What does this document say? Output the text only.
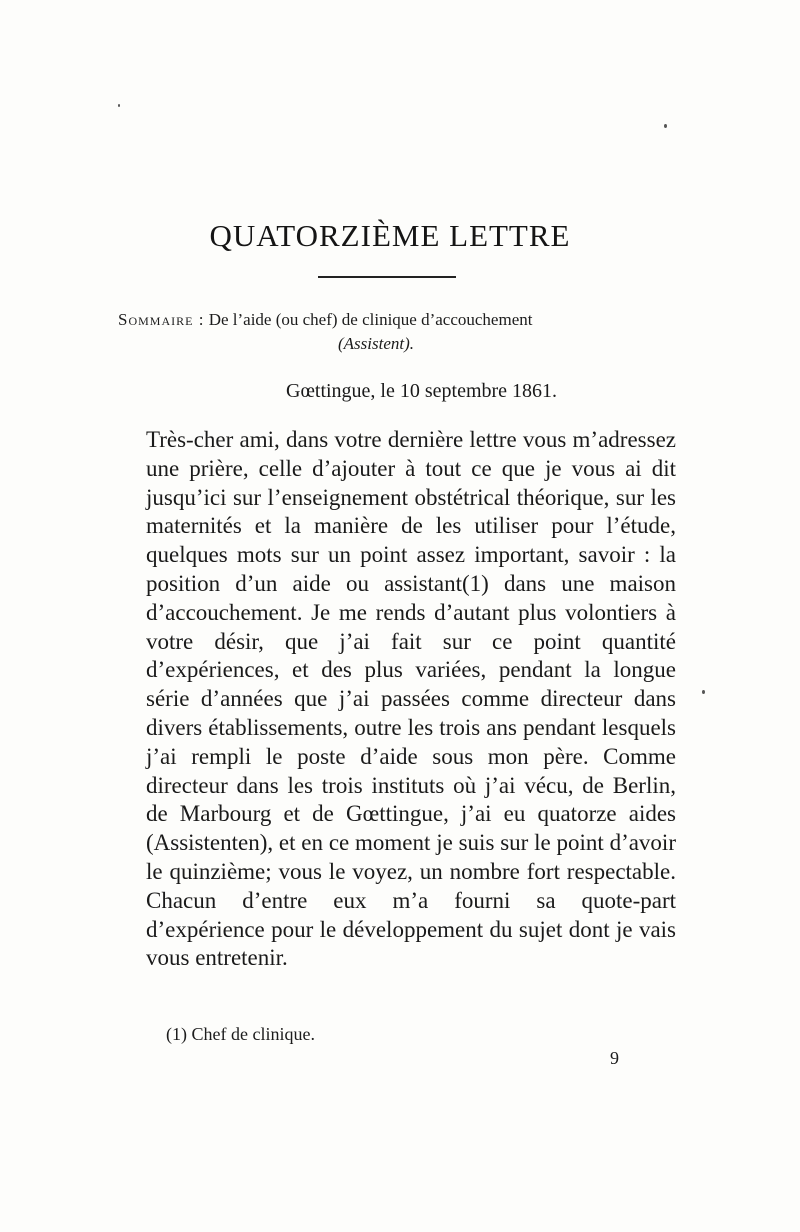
QUATORZIÈME LETTRE
Sommaire : De l’aide (ou chef) de clinique d’accouchement
(Assistent).
Gœttingue, le 10 septembre 1861.
Très-cher ami, dans votre dernière lettre vous m’adressez une prière, celle d’ajouter à tout ce que je vous ai dit jusqu’ici sur l’enseignement obstétrical théorique, sur les maternités et la manière de les utiliser pour l’étude, quelques mots sur un point assez important, savoir : la position d’un aide ou assistant(1) dans une maison d’accouchement. Je me rends d’autant plus volontiers à votre désir, que j’ai fait sur ce point quantité d’expériences, et des plus variées, pendant la longue série d’années que j’ai passées comme directeur dans divers établissements, outre les trois ans pendant lesquels j’ai rempli le poste d’aide sous mon père. Comme directeur dans les trois instituts où j’ai vécu, de Berlin, de Marbourg et de Gœttingue, j’ai eu quatorze aides (Assistenten), et en ce moment je suis sur le point d’avoir le quinzième; vous le voyez, un nombre fort respectable. Chacun d’entre eux m’a fourni sa quote-part d’expérience pour le développement du sujet dont je vais vous entretenir.
(1) Chef de clinique.
9
